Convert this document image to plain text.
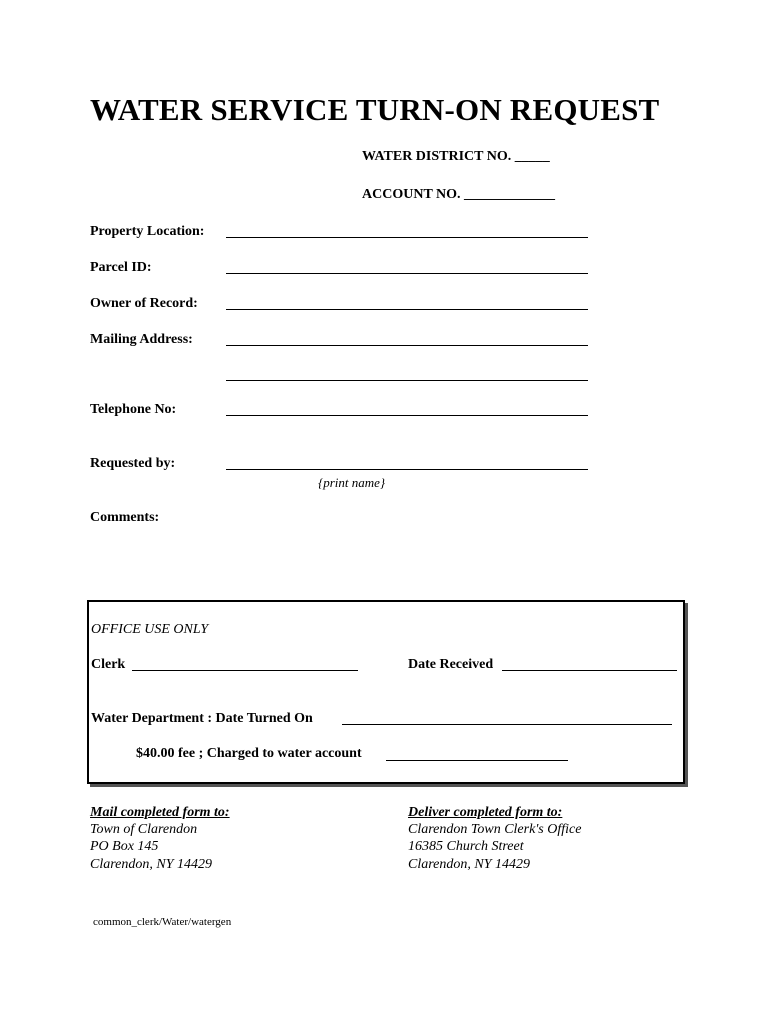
WATER SERVICE TURN-ON REQUEST
WATER DISTRICT NO. _____
ACCOUNT NO. _____________
Property Location:
Parcel ID:
Owner of Record:
Mailing Address:
Telephone No:
Requested by:
{print name}
Comments:
OFFICE USE ONLY
Clerk	Date Received
Water Department : Date Turned On
$40.00 fee ; Charged to water account
Mail completed form to:
Town of Clarendon
PO Box 145
Clarendon, NY 14429
Deliver completed form to:
Clarendon Town Clerk's Office
16385 Church Street
Clarendon, NY 14429
common_clerk/Water/watergen
